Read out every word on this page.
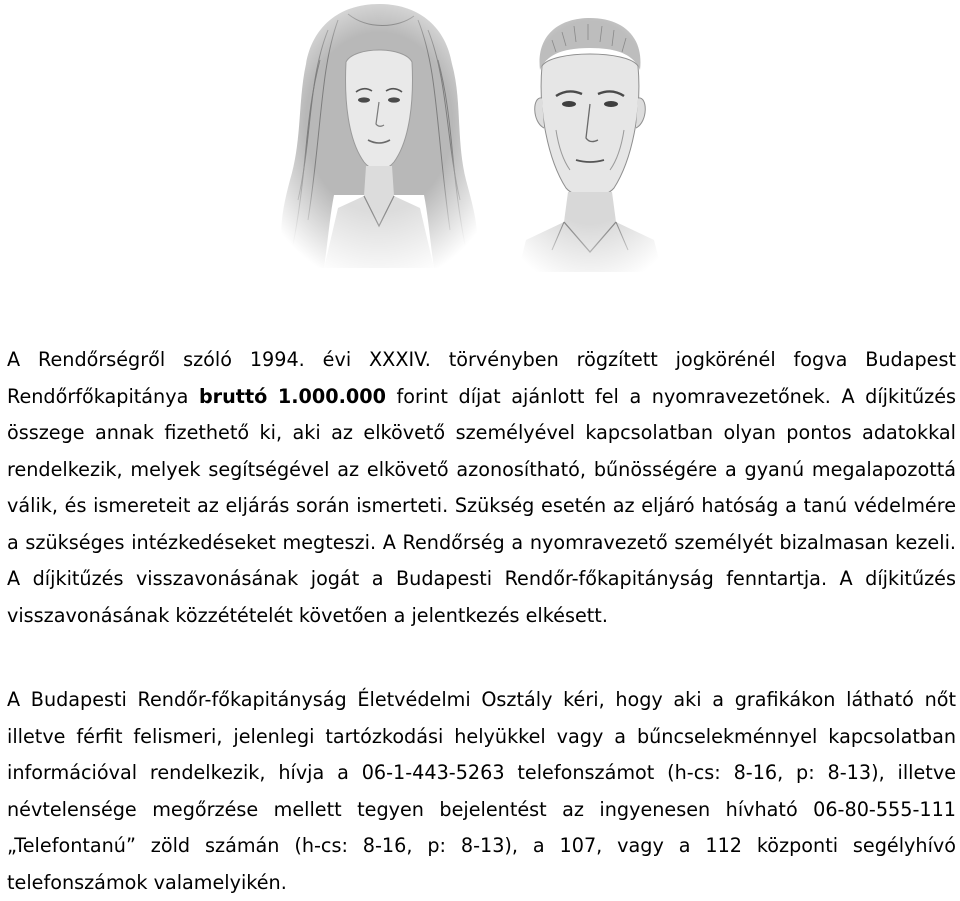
A Rendőrségről szóló 1994. évi XXXIV. törvényben rögzített jogkörénél fogva Budapest Rendőrfőkapitánya bruttó 1.000.000 forint díjat ajánlott fel a nyomravezetőnek. A díjkitűzés összege annak fizethető ki, aki az elkövető személyével kapcsolatban olyan pontos adatokkal rendelkezik, melyek segítségével az elkövető azonosítható, bűnösségére a gyanú megalapozottá válik, és ismereteit az eljárás során ismerteti. Szükség esetén az eljáró hatóság a tanú védelmére a szükséges intézkedéseket megteszi. A Rendőrség a nyomravezető személyét bizalmasan kezeli. A díjkitűzés visszavonásának jogát a Budapesti Rendőr-főkapitányság fenntartja. A díjkitűzés visszavonásának közzétételét követően a jelentkezés elkésett.
A Budapesti Rendőr-főkapitányság Életvédelmi Osztály kéri, hogy aki a grafikákon látható nőt illetve férfit felismeri, jelenlegi tartózkodási helyükkel vagy a bűncselekménnyel kapcsolatban információval rendelkezik, hívja a 06-1-443-5263 telefonszámot (h-cs: 8-16, p: 8-13), illetve névtelensége megőrzése mellett tegyen bejelentést az ingyenesen hívható 06-80-555-111 „Telefontanú” zöld számán (h-cs: 8-16, p: 8-13), a 107, vagy a 112 központi segélyhívó telefonszámok valamelyikén.
